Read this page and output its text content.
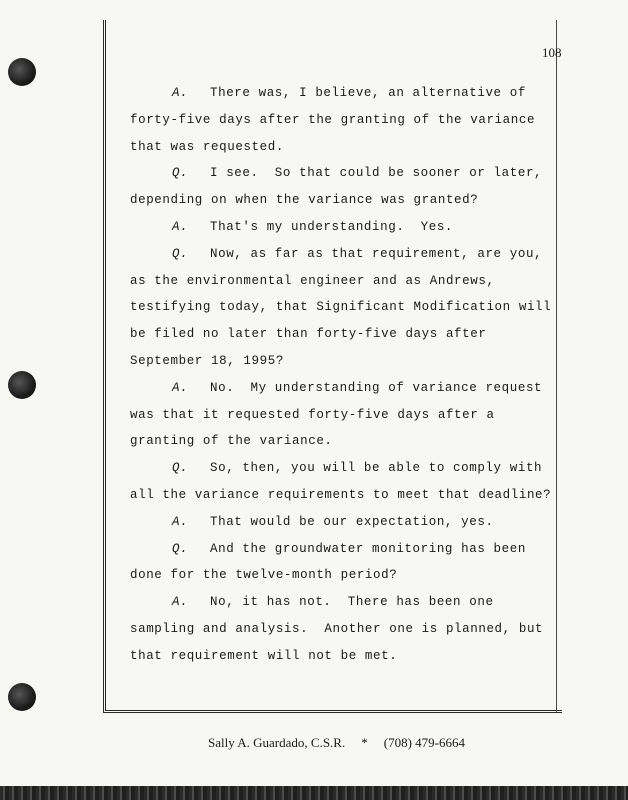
108
A. There was, I believe, an alternative of
forty-five days after the granting of the variance
that was requested.
Q. I see.  So that could be sooner or later,
depending on when the variance was granted?
A. That's my understanding.  Yes.
Q. Now, as far as that requirement, are you,
as the environmental engineer and as Andrews,
testifying today, that Significant Modification will
be filed no later than forty-five days after
September 18, 1995?
A. No.  My understanding of variance request
was that it requested forty-five days after a
granting of the variance.
Q. So, then, you will be able to comply with
all the variance requirements to meet that deadline?
A. That would be our expectation, yes.
Q. And the groundwater monitoring has been
done for the twelve-month period?
A. No, it has not.  There has been one
sampling and analysis.  Another one is planned, but
that requirement will not be met.
Sally A. Guardado, C.S.R. * (708) 479-6664
